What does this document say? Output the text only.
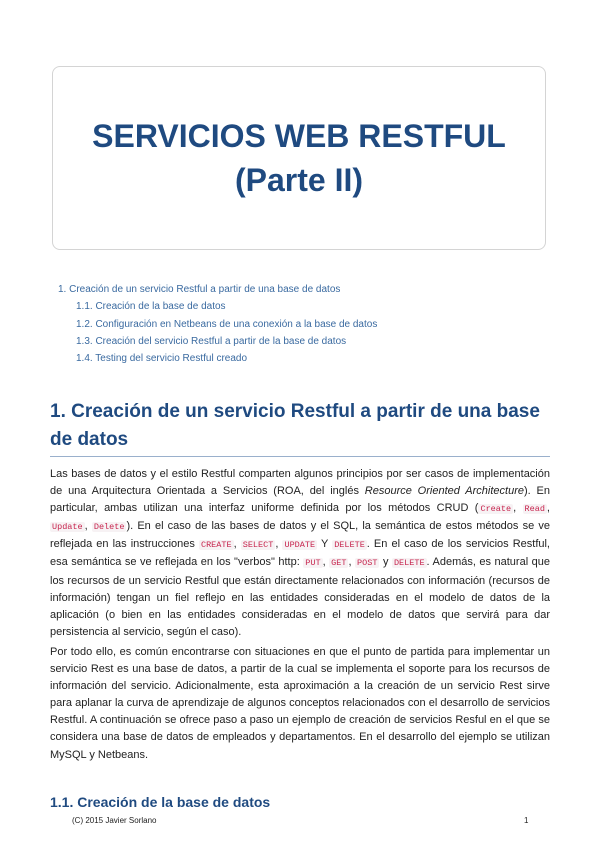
SERVICIOS WEB RESTFUL
(Parte II)
1. Creación de un servicio Restful a partir de una base de datos
1.1. Creación de la base de datos
1.2. Configuración en Netbeans de una conexión a la base de datos
1.3. Creación del servicio Restful a partir de la base de datos
1.4. Testing del servicio Restful creado
1. Creación de un servicio Restful a partir de una base de datos
Las bases de datos y el estilo Restful comparten algunos principios por ser casos de implementación de una Arquitectura Orientada a Servicios (ROA, del inglés Resource Oriented Architecture). En particular, ambas utilizan una interfaz uniforme definida por los métodos CRUD ( Create , Read , Update , Delete ). En el caso de las bases de datos y el SQL, la semántica de estos métodos se ve reflejada en las instrucciones CREATE , SELECT , UPDATE Y DELETE . En el caso de los servicios Restful, esa semántica se ve reflejada en los "verbos" http: PUT , GET , POST y DELETE . Además, es natural que los recursos de un servicio Restful que están directamente relacionados con información (recursos de información) tengan un fiel reflejo en las entidades consideradas en el modelo de datos de la aplicación (o bien en las entidades consideradas en el modelo de datos que servirá para dar persistencia al servicio, según el caso).
Por todo ello, es común encontrarse con situaciones en que el punto de partida para implementar un servicio Rest es una base de datos, a partir de la cual se implementa el soporte para los recursos de información del servicio. Adicionalmente, esta aproximación a la creación de un servicio Rest sirve para aplanar la curva de aprendizaje de algunos conceptos relacionados con el desarrollo de servicios Restful. A continuación se ofrece paso a paso un ejemplo de creación de servicios Resful en el que se considera una base de datos de empleados y departamentos. En el desarrollo del ejemplo se utilizan MySQL y Netbeans.
1.1. Creación de la base de datos
(C) 2015 Javier Sorlano	1
